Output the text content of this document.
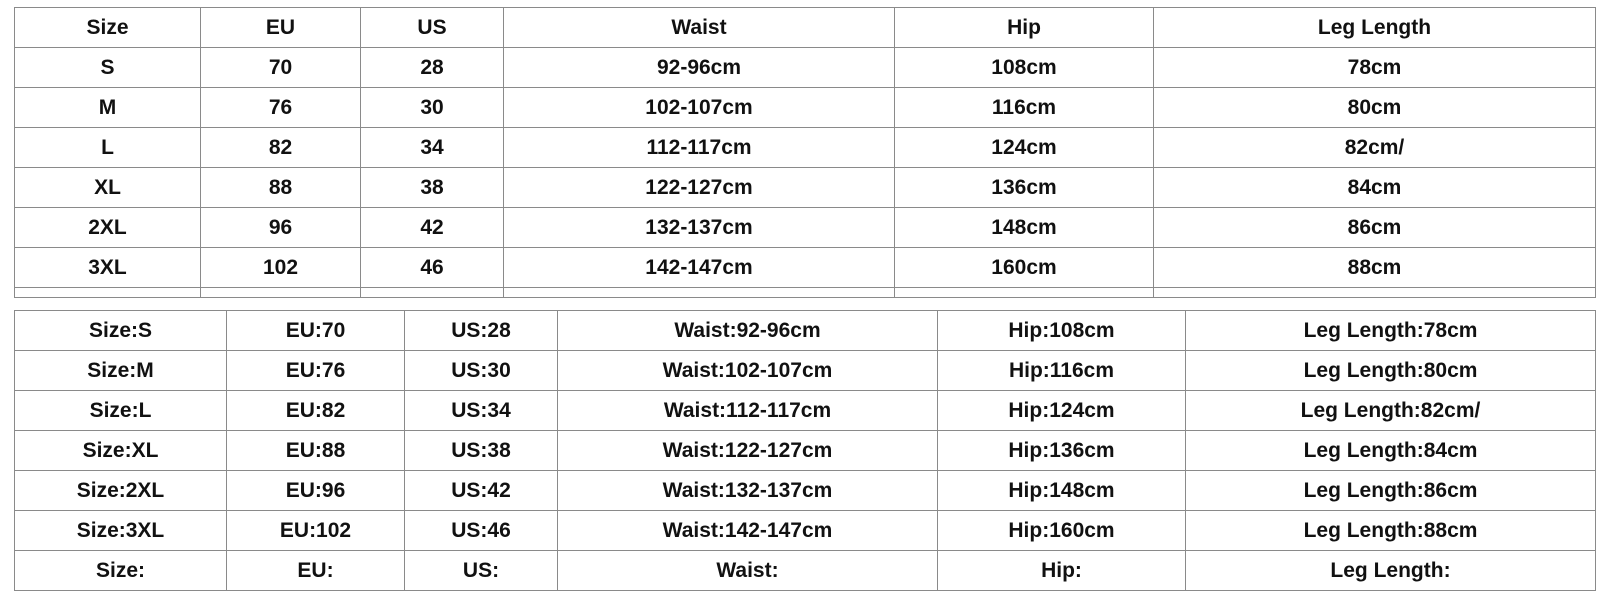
Size	EU	US	Waist	Hip	Leg Length
S	70	28	92-96cm	108cm	78cm
M	76	30	102-107cm	116cm	80cm
L	82	34	112-117cm	124cm	82cm/
XL	88	38	122-127cm	136cm	84cm
2XL	96	42	132-137cm	148cm	86cm
3XL	102	46	142-147cm	160cm	88cm

Size:S	EU:70	US:28	Waist:92-96cm	Hip:108cm	Leg Length:78cm
Size:M	EU:76	US:30	Waist:102-107cm	Hip:116cm	Leg Length:80cm
Size:L	EU:82	US:34	Waist:112-117cm	Hip:124cm	Leg Length:82cm/
Size:XL	EU:88	US:38	Waist:122-127cm	Hip:136cm	Leg Length:84cm
Size:2XL	EU:96	US:42	Waist:132-137cm	Hip:148cm	Leg Length:86cm
Size:3XL	EU:102	US:46	Waist:142-147cm	Hip:160cm	Leg Length:88cm
Size:	EU:	US:	Waist:	Hip:	Leg Length:
